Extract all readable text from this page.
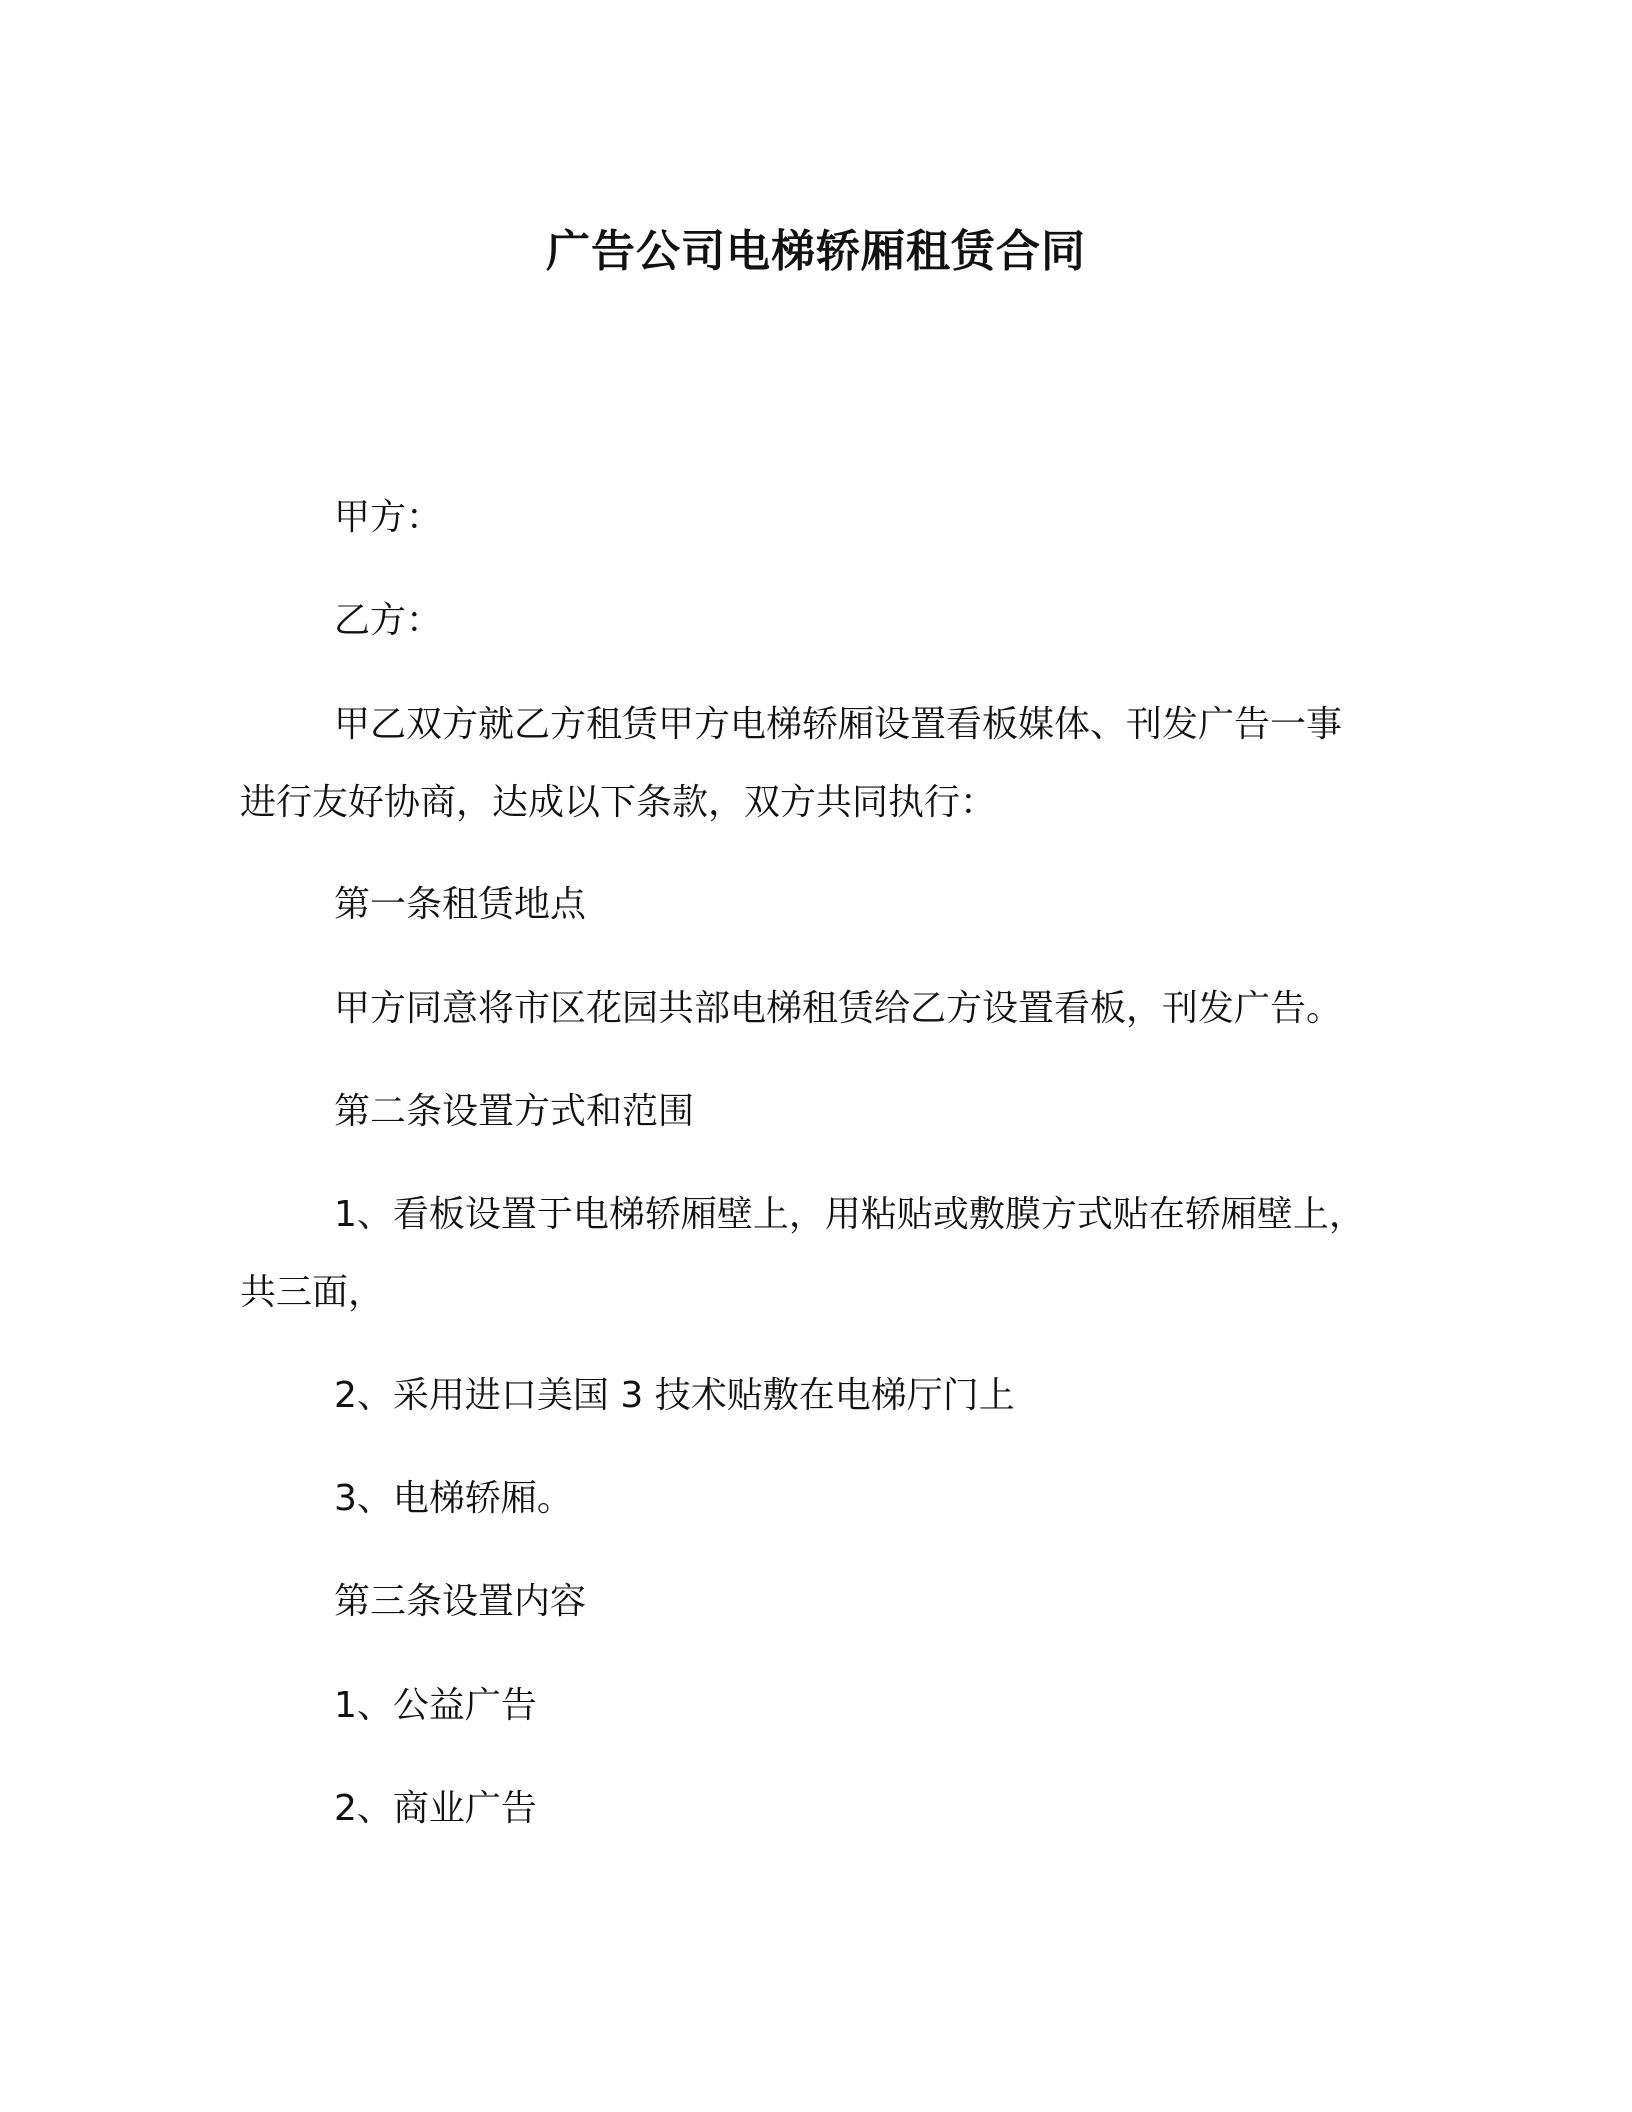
广告公司电梯轿厢租赁合同

甲方：

乙方：

甲乙双方就乙方租赁甲方电梯轿厢设置看板媒体、刊发广告一事

进行友好协商，达成以下条款，双方共同执行：

第一条租赁地点

甲方同意将市区花园共部电梯租赁给乙方设置看板，刊发广告。

第二条设置方式和范围

1、看板设置于电梯轿厢壁上，用粘贴或敷膜方式贴在轿厢壁上，

共三面，

2、采用进口美国 3 技术贴敷在电梯厅门上

3、电梯轿厢。

第三条设置内容

1、公益广告

2、商业广告
